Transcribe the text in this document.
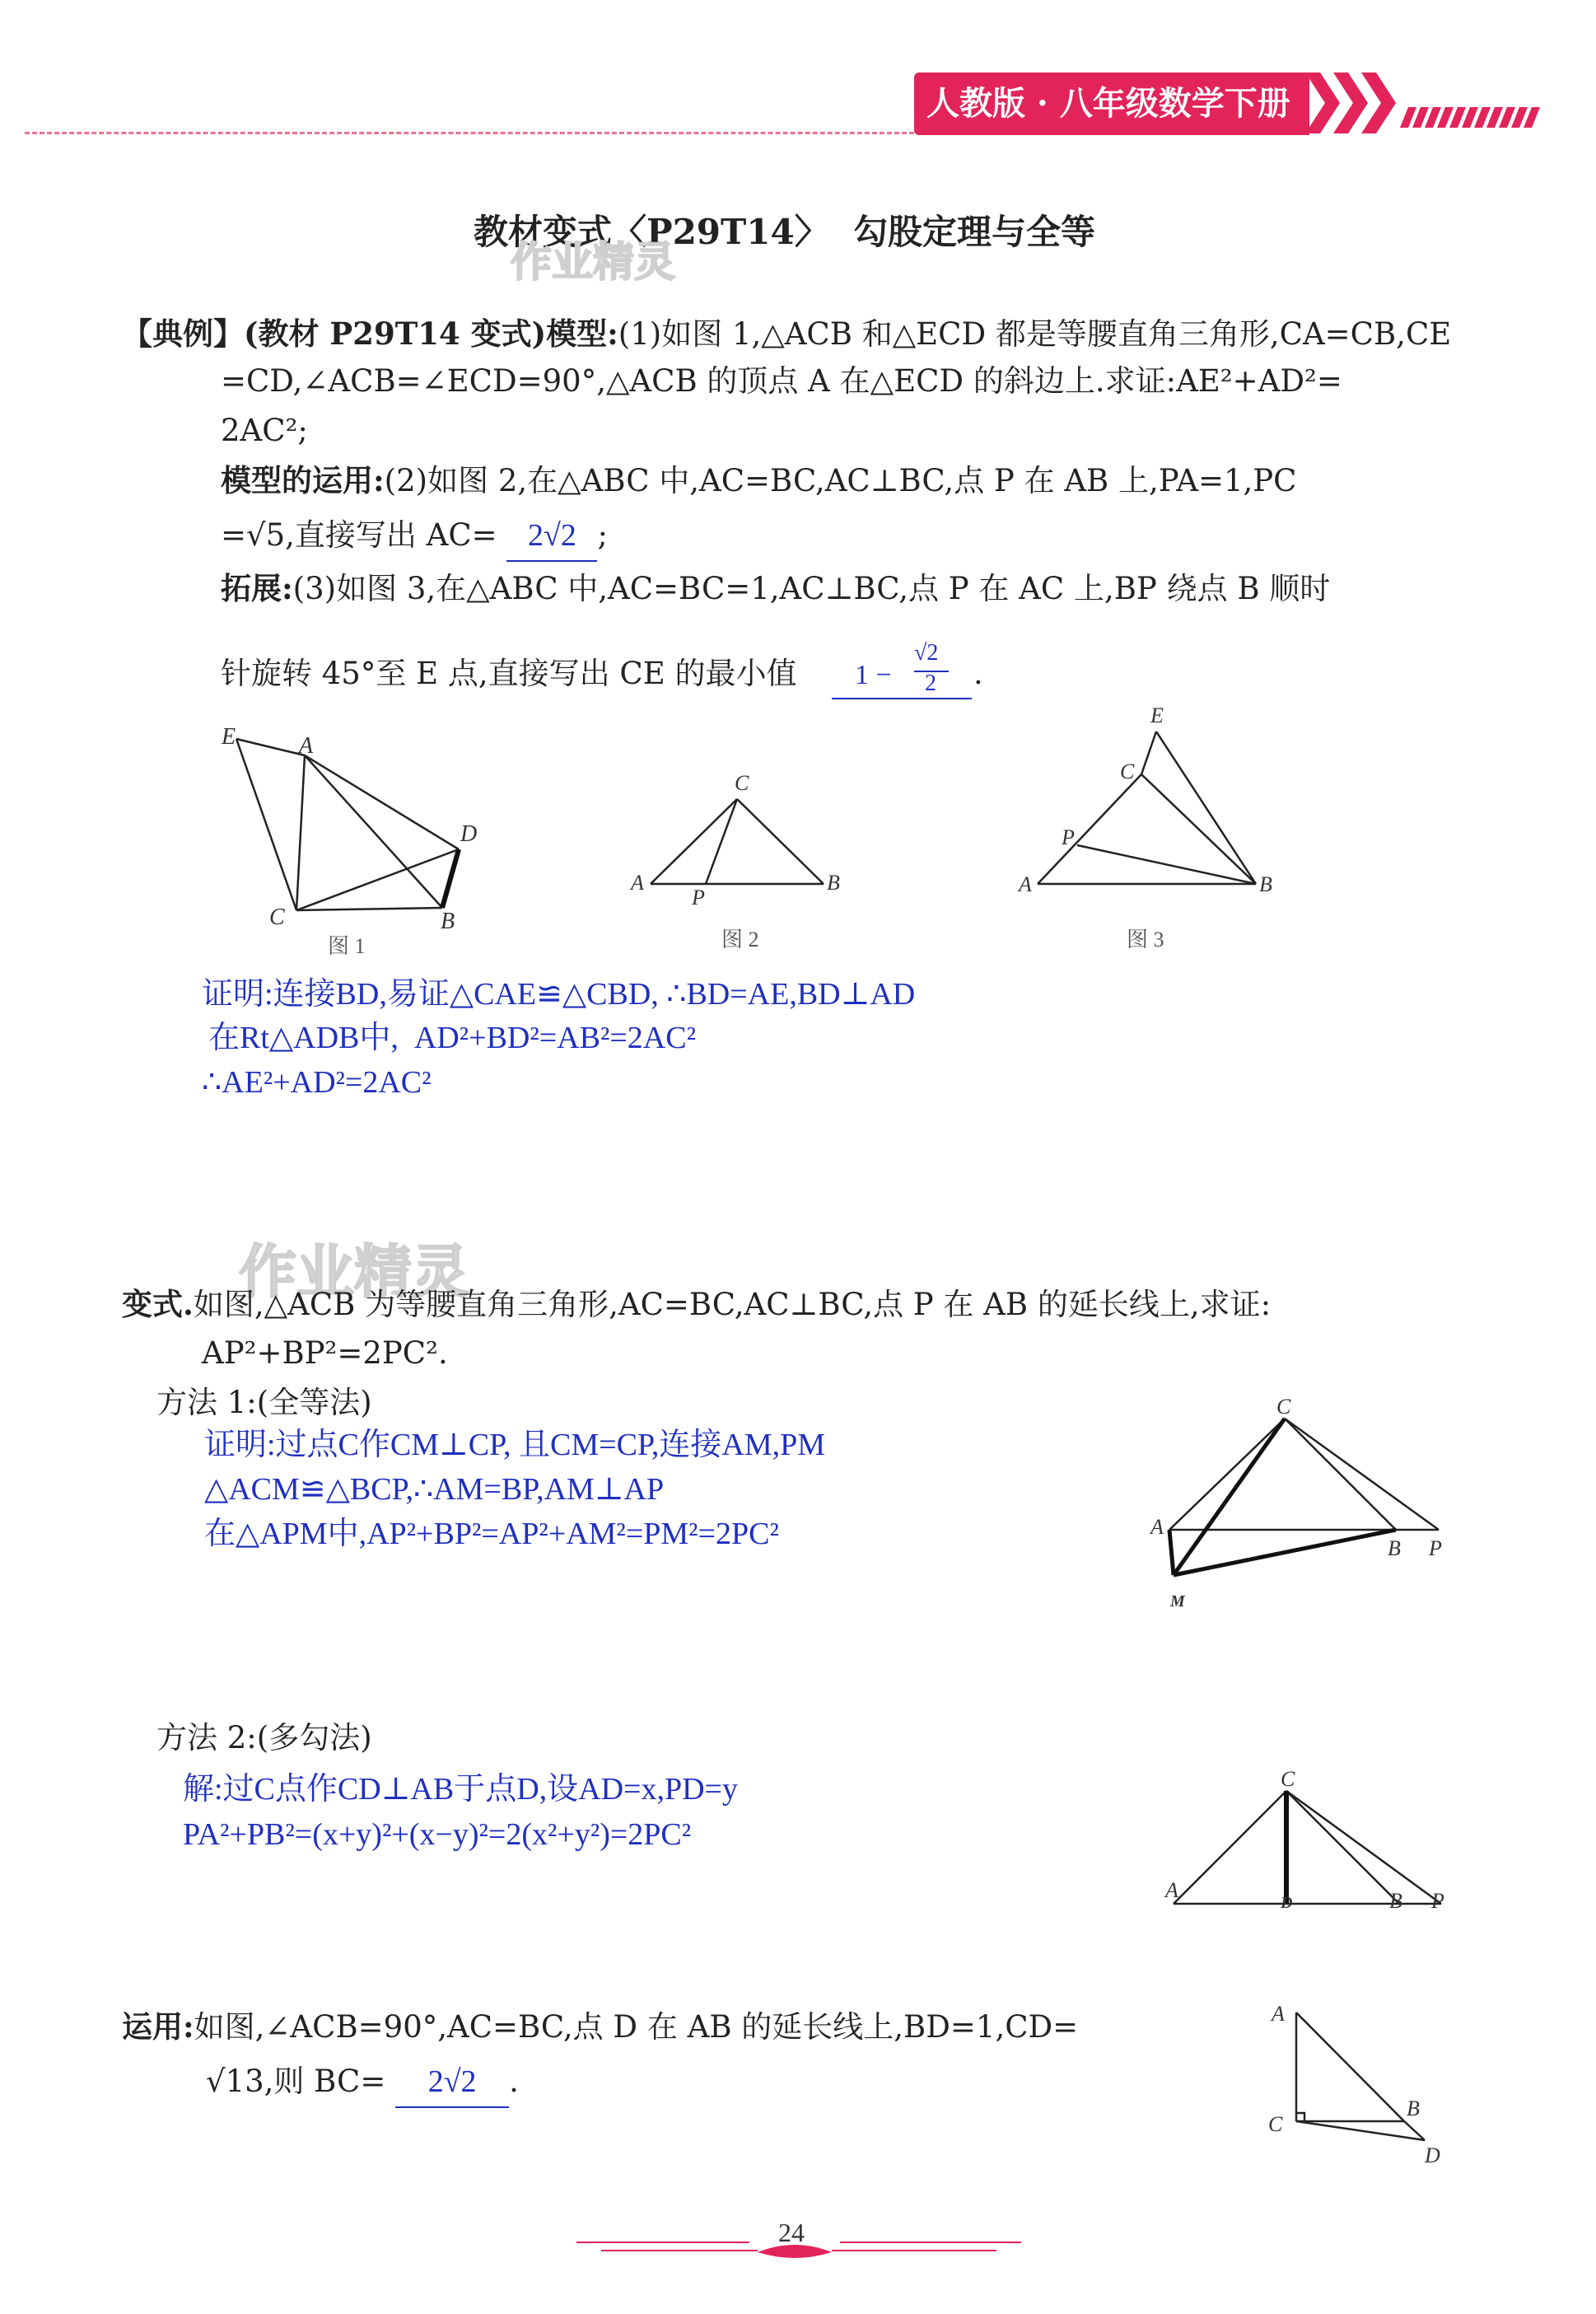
人教版 · 八年级数学下册
教材变式〈P29T14〉  勾股定理与全等
作业精灵
【典例】(教材 P29T14 变式)模型:(1)如图 1,△ACB 和△ECD 都是等腰直角三角形,CA=CB,CE
=CD,∠ACB=∠ECD=90°,△ACB 的顶点 A 在△ECD 的斜边上.求证:AE²+AD²=
2AC²;
模型的运用:(2)如图 2,在△ABC 中,AC=BC,AC⊥BC,点 P 在 AB 上,PA=1,PC
=√5,直接写出 AC= 2√2 ;
拓展:(3)如图 3,在△ABC 中,AC=BC=1,AC⊥BC,点 P 在 AC 上,BP 绕点 B 顺时
针旋转 45°至 E 点,直接写出 CE 的最小值 1 −
√2
2 .
E	A
D
C	B
图 1
C
A
P
B
图 2
E
C
P
A	B
图 3
证明:连接BD,易证△CAE≌△CBD, ∴BD=AE,BD⊥AD
在Rt△ADB中,  AD²+BD²=AB²=2AC²
∴AE²+AD²=2AC²
作业精灵
变式.如图,△ACB 为等腰直角三角形,AC=BC,AC⊥BC,点 P 在 AB 的延长线上,求证:
AP²+BP²=2PC².
方法 1:(全等法)
证明:过点C作CM⊥CP, 且CM=CP,连接AM,PM
△ACM≌△BCP,∴AM=BP,AM⊥AP
在△APM中,AP²+BP²=AP²+AM²=PM²=2PC²
C
A
B P
M
方法 2:(多勾法)
解:过C点作CD⊥AB于点D,设AD=x,PD=y
PA²+PB²=(x+y)²+(x−y)²=2(x²+y²)=2PC²
C
A
D	B P
运用:如图,∠ACB=90°,AC=BC,点 D 在 AB 的延长线上,BD=1,CD=
√13,则 BC= 2√2 .
A
C
B
D
24
